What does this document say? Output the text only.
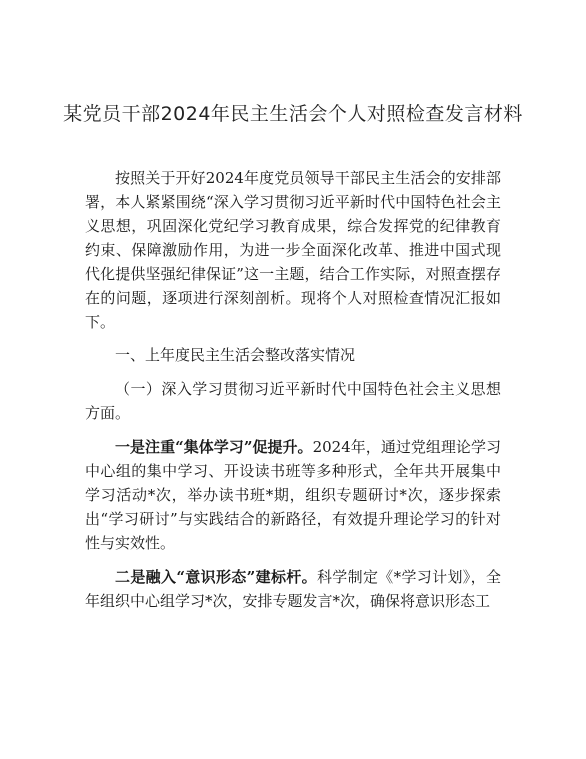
某党员干部2024年民主生活会个人对照检查发言材料

按照关于开好2024年度党员领导干部民主生活会的安排部署，本人紧紧围绕“深入学习贯彻习近平新时代中国特色社会主义思想，巩固深化党纪学习教育成果，综合发挥党的纪律教育约束、保障激励作用，为进一步全面深化改革、推进中国式现代化提供坚强纪律保证”这一主题，结合工作实际，对照查摆存在的问题，逐项进行深刻剖析。现将个人对照检查情况汇报如下。

一、上年度民主生活会整改落实情况

（一）深入学习贯彻习近平新时代中国特色社会主义思想方面。

一是注重“集体学习”促提升。2024年，通过党组理论学习中心组的集中学习、开设读书班等多种形式，全年共开展集中学习活动*次，举办读书班*期，组织专题研讨*次，逐步探索出“学习研讨”与实践结合的新路径，有效提升理论学习的针对性与实效性。

二是融入“意识形态”建标杆。科学制定《*学习计划》，全年组织中心组学习*次，安排专题发言*次，确保将意识形态工
